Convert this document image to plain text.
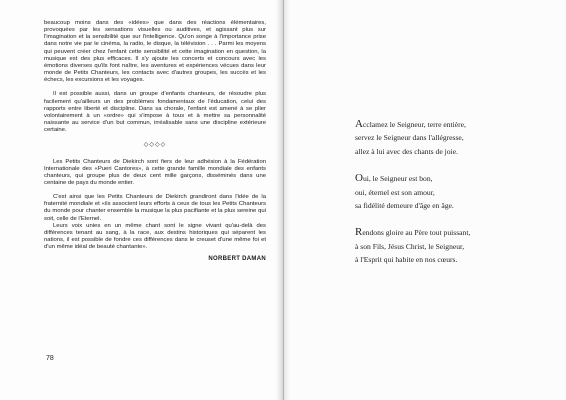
beaucoup moins dans des «idées» que dans des réactions élémentaires, provoquées par les sensations visuelles ou auditives, et agissant plus sur l'imagination et la sensibilité que sur l'intelligence. Qu'on songe à l'importance prise dans notre vie par le cinéma, la radio, le disque, la télévision . . . Parmi les moyens qui peuvent créer chez l'enfant cette sensibilité et cette imagination en question, la musique est des plus efficaces. Il s'y ajoute les concerts et concours avec les émotions diverses qu'ils font naître, les aventures et expériences vécues dans leur monde de Petits Chanteurs, les contacts avec d'autres groupes, les succès et les échecs, les excursions et les voyages.

Il est possible aussi, dans un groupe d'enfants chanteurs, de résoudre plus facilement qu'ailleurs un des problèmes fondamentaux de l'éducation, celui des rapports entre liberté et discipline. Dans sa chorale, l'enfant est amené à se plier volontairement à un «ordre» qui s'impose à tous et à mettre sa personnalité naissante au service d'un but commun, irréalisable sans une discipline extérieure certaine.

◇◇◇◇

Les Petits Chanteurs de Diekirch sont fiers de leur adhésion à la Fédération Internationale des «Pueri Cantores», à cette grande famille mondiale des enfants chanteurs, qui groupe plus de deux cent mille garçons, disséminés dans une centaine de pays du monde entier.

C'est ainsi que les Petits Chanteurs de Diekirch grandiront dans l'idée de la fraternité mondiale et «ils associent leurs efforts à ceux de tous les Petits Chanteurs du monde pour chanter ensemble la musique la plus pacifiante et la plus sereine qui soit, celle de l'Eternel.

Leurs voix unies en un même chant sont le signe vivant qu'au-delà des différences tenant au sang, à la race, aux destins historiques qui séparent les nations, il est possible de fondre ces différences dans le creuset d'une même foi et d'un même idéal de beauté chantante».

NORBERT DAMAN
78
Acclamez le Seigneur, terre entière,
servez le Seigneur dans l'allégresse,
allez à lui avec des chants de joie.
Oui, le Seigneur est bon,
oui, éternel est son amour,
sa fidélité demeure d'âge en âge.
Rendons gloire au Père tout puissant,
à son Fils, Jésus Christ, le Seigneur,
à l'Esprit qui habite en nos cœurs.
